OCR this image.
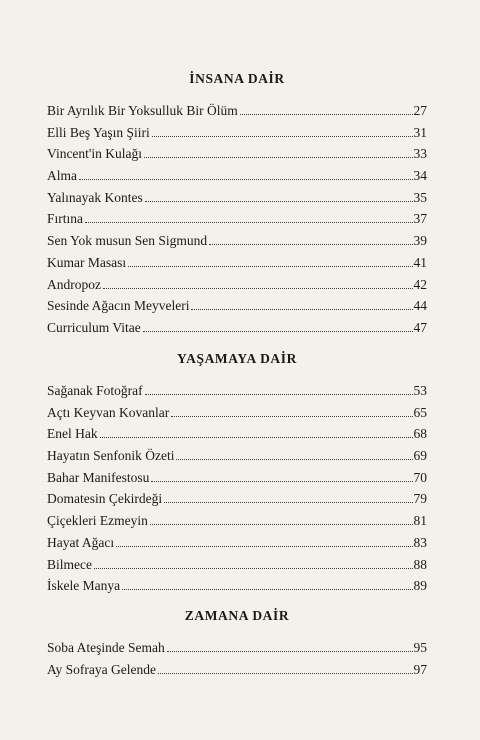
İNSANA DAİR
Bir Ayrılık Bir Yoksulluk Bir Ölüm	27
Elli Beş Yaşın Şiiri	31
Vincent'in Kulağı	33
Alma	34
Yalınayak Kontes	35
Fırtına	37
Sen Yok musun Sen Sigmund	39
Kumar Masası	41
Andropoz	42
Sesinde Ağacın Meyveleri	44
Curriculum Vitae	47
YAŞAMAYA DAİR
Sağanak Fotoğraf	53
Açtı Keyvan Kovanlar	65
Enel Hak	68
Hayatın Senfonik Özeti	69
Bahar Manifestosu	70
Domatesin Çekirdeği	79
Çiçekleri Ezmeyin	81
Hayat Ağacı	83
Bilmece	88
İskele Manya	89
ZAMANA DAİR
Soba Ateşinde Semah	95
Ay Sofraya Gelende	97
